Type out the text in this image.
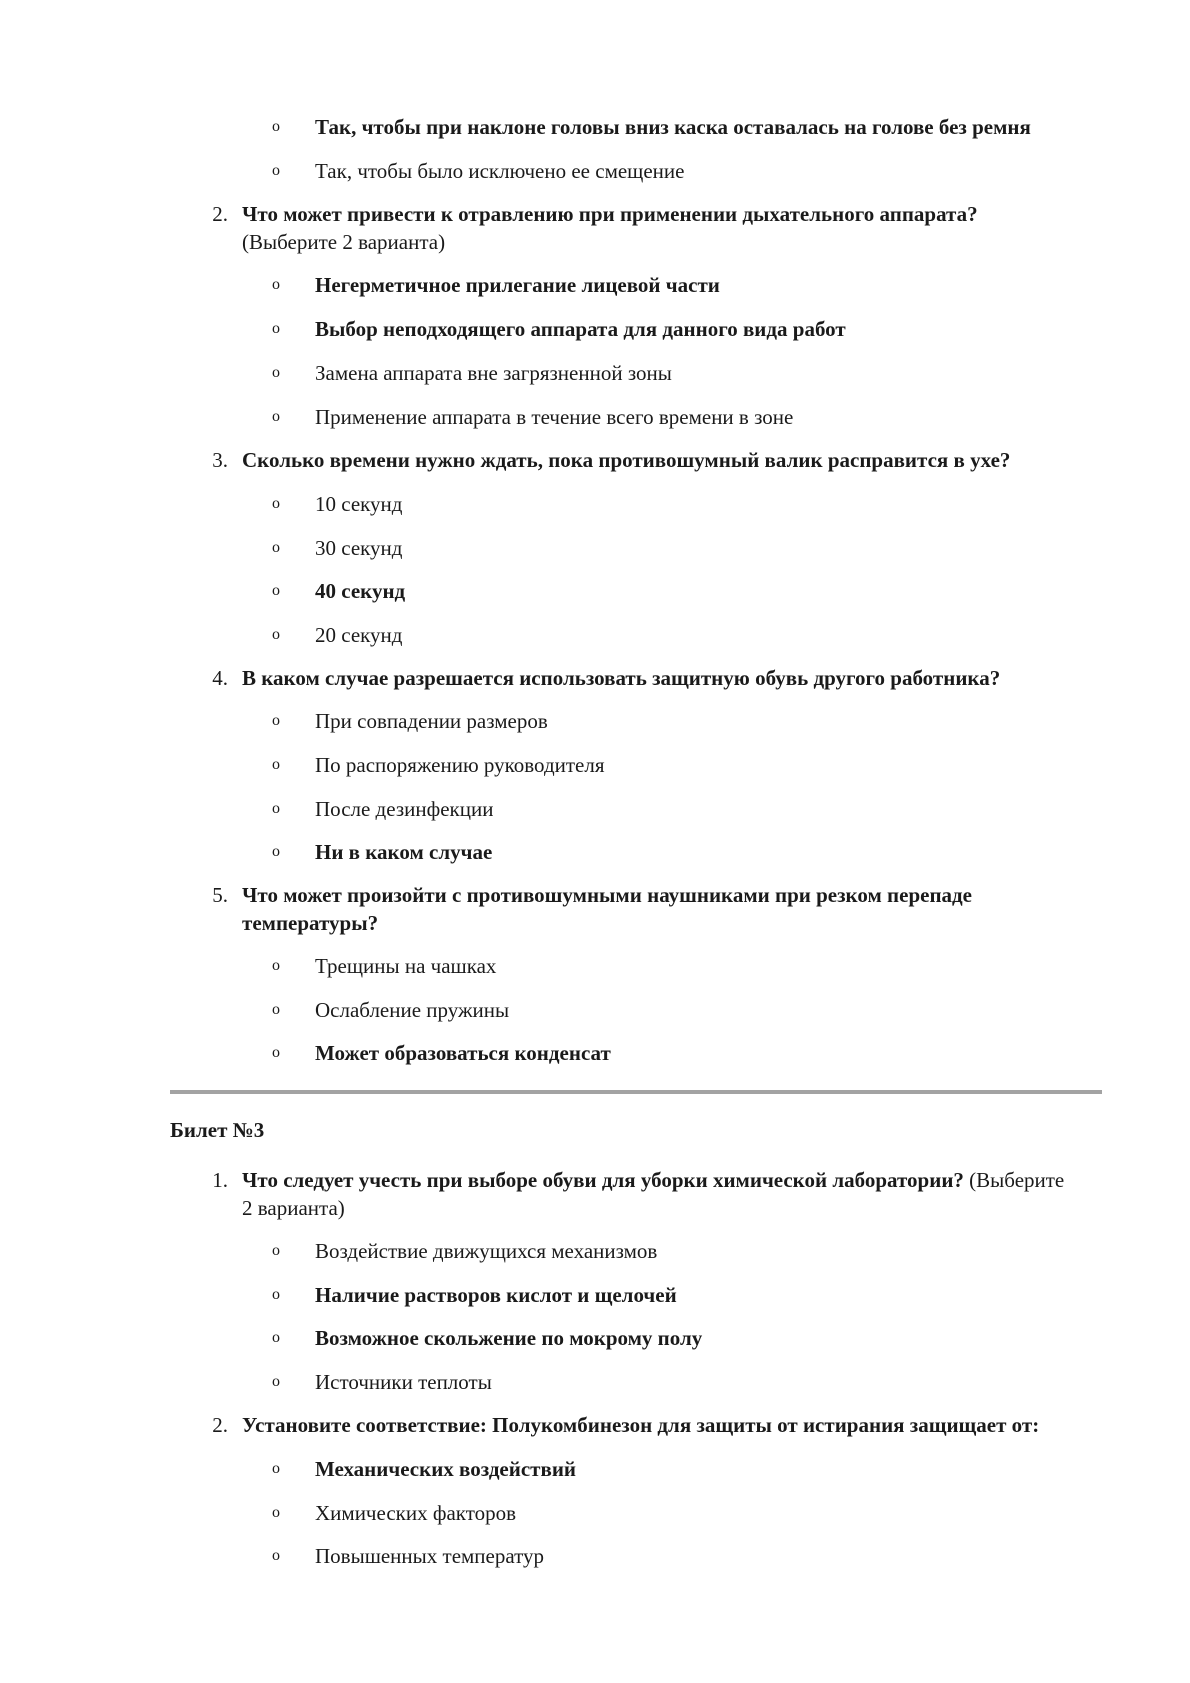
o	Так, чтобы при наклоне головы вниз каска оставалась на голове без ремня
o	Так, чтобы было исключено ее смещение
2. Что может привести к отравлению при применении дыхательного аппарата?
(Выберите 2 варианта)
o	Негерметичное прилегание лицевой части
o	Выбор неподходящего аппарата для данного вида работ
o	Замена аппарата вне загрязненной зоны
o	Применение аппарата в течение всего времени в зоне
3. Сколько времени нужно ждать, пока противошумный валик расправится в ухе?
o	10 секунд
o	30 секунд
o	40 секунд
o	20 секунд
4. В каком случае разрешается использовать защитную обувь другого работника?
o	При совпадении размеров
o	По распоряжению руководителя
o	После дезинфекции
o	Ни в каком случае
5. Что может произойти с противошумными наушниками при резком перепаде
температуры?
o	Трещины на чашках
o	Ослабление пружины
o	Может образоваться конденсат
Билет №3
1. Что следует учесть при выборе обуви для уборки химической лаборатории? (Выберите
2 варианта)
o	Воздействие движущихся механизмов
o	Наличие растворов кислот и щелочей
o	Возможное скольжение по мокрому полу
o	Источники теплоты
2. Установите соответствие: Полукомбинезон для защиты от истирания защищает от:
o	Механических воздействий
o	Химических факторов
o	Повышенных температур
